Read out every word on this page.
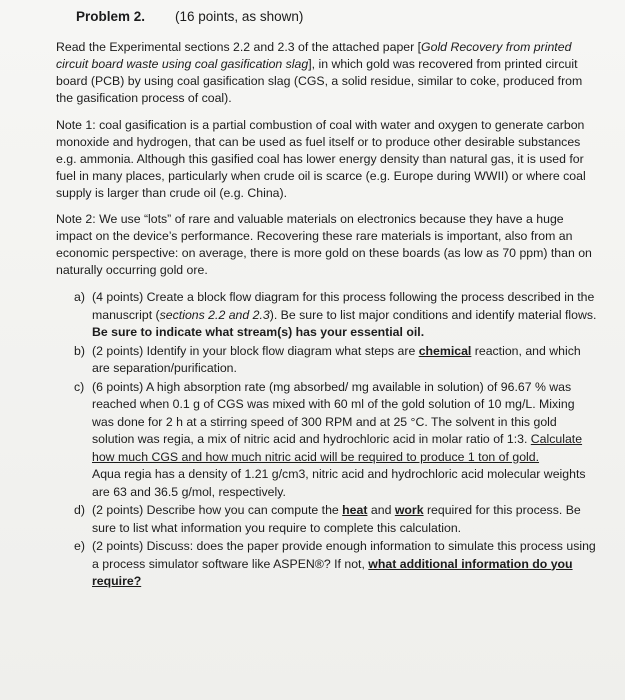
Problem 2. (16 points, as shown)

Read the Experimental sections 2.2 and 2.3 of the attached paper [Gold Recovery from printed circuit board waste using coal gasification slag], in which gold was recovered from printed circuit board (PCB) by using coal gasification slag (CGS, a solid residue, similar to coke, produced from the gasification process of coal).

Note 1: coal gasification is a partial combustion of coal with water and oxygen to generate carbon monoxide and hydrogen, that can be used as fuel itself or to produce other desirable substances e.g. ammonia. Although this gasified coal has lower energy density than natural gas, it is used for fuel in many places, particularly when crude oil is scarce (e.g. Europe during WWII) or where coal supply is larger than crude oil (e.g. China).

Note 2: We use “lots” of rare and valuable materials on electronics because they have a huge impact on the device’s performance. Recovering these rare materials is important, also from an economic perspective: on average, there is more gold on these boards (as low as 70 ppm) than on naturally occurring gold ore.

a) (4 points) Create a block flow diagram for this process following the process described in the manuscript (sections 2.2 and 2.3). Be sure to list major conditions and identify material flows. Be sure to indicate what stream(s) has your essential oil.

b) (2 points) Identify in your block flow diagram what steps are chemical reaction, and which are separation/purification.

c) (6 points) A high absorption rate (mg absorbed/ mg available in solution) of 96.67 % was reached when 0.1 g of CGS was mixed with 60 ml of the gold solution of 10 mg/L. Mixing was done for 2 h at a stirring speed of 300 RPM and at 25 °C. The solvent in this gold solution was regia, a mix of nitric acid and hydrochloric acid in molar ratio of 1:3. Calculate how much CGS and how much nitric acid will be required to produce 1 ton of gold.

Aqua regia has a density of 1.21 g/cm3, nitric acid and hydrochloric acid molecular weights are 63 and 36.5 g/mol, respectively.

d) (2 points) Describe how you can compute the heat and work required for this process. Be sure to list what information you require to complete this calculation.

e) (2 points) Discuss: does the paper provide enough information to simulate this process using a process simulator software like ASPEN®? If not, what additional information do you require?
